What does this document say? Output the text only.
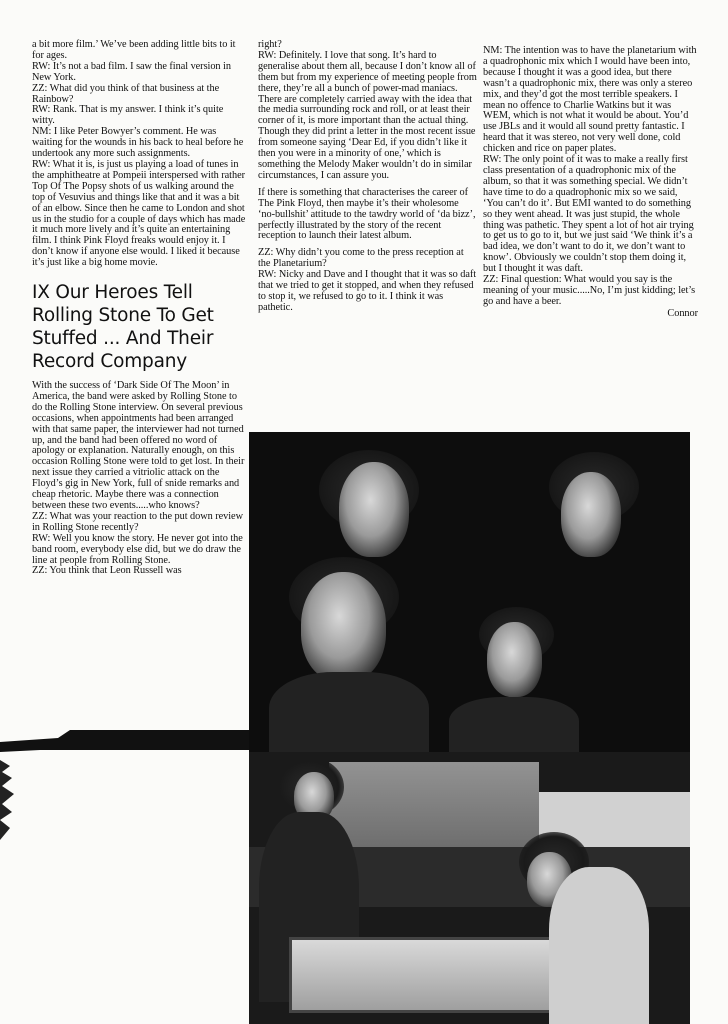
a bit more film.’ We’ve been adding little bits to it for ages.

RW: It’s not a bad film. I saw the final version in New York.

ZZ: What did you think of that business at the Rainbow?

RW: Rank. That is my answer. I think it’s quite witty.

NM: I like Peter Bowyer’s comment. He was waiting for the wounds in his back to heal before he undertook any more such assignments.

RW: What it is, is just us playing a load of tunes in the amphitheatre at Pompeii interspersed with rather Top Of The Popsy shots of us walking around the top of Vesuvius and things like that and it was a bit of an elbow. Since then he came to London and shot us in the studio for a couple of days which has made it much more lively and it’s quite an entertaining film. I think Pink Floyd freaks would enjoy it. I don’t know if anyone else would. I liked it because it’s just like a big home movie.

IX Our Heroes Tell Rolling Stone To Get Stuffed ... And Their Record Company

With the success of ‘Dark Side Of The Moon’ in America, the band were asked by Rolling Stone to do the Rolling Stone interview. On several previous occasions, when appointments had been arranged with that same paper, the interviewer had not turned up, and the band had been offered no word of apology or explanation. Naturally enough, on this occasion Rolling Stone were told to get lost. In their next issue they carried a vitriolic attack on the Floyd’s gig in New York, full of snide remarks and cheap rhetoric. Maybe there was a connection between these two events.....who knows?

ZZ: What was your reaction to the put down review in Rolling Stone recently?

RW: Well you know the story. He never got into the band room, everybody else did, but we do draw the line at people from Rolling Stone.

ZZ: You think that Leon Russell was

right?

RW: Definitely. I love that song. It’s hard to generalise about them all, because I don’t know all of them but from my experience of meeting people from there, they’re all a bunch of power-mad maniacs. There are completely carried away with the idea that the media surrounding rock and roll, or at least their corner of it, is more important than the actual thing. Though they did print a letter in the most recent issue from someone saying ‘Dear Ed, if you didn’t like it then you were in a minority of one,’ which is something the Melody Maker wouldn’t do in similar circumstances, I can assure you.

If there is something that characterises the career of The Pink Floyd, then maybe it’s their wholesome ‘no-bullshit’ attitude to the tawdry world of ‘da bizz’, perfectly illustrated by the story of the recent reception to launch their latest album.

ZZ: Why didn’t you come to the press reception at the Planetarium?

RW: Nicky and Dave and I thought that it was so daft that we tried to get it stopped, and when they refused to stop it, we refused to go to it. I think it was pathetic.

NM: The intention was to have the planetarium with a quadrophonic mix which I would have been into, because I thought it was a good idea, but there wasn’t a quadrophonic mix, there was only a stereo mix, and they’d got the most terrible speakers. I mean no offence to Charlie Watkins but it was WEM, which is not what it would be about. You’d use JBLs and it would all sound pretty fantastic. I heard that it was stereo, not very well done, cold chicken and rice on paper plates.

RW: The only point of it was to make a really first class presentation of a quadrophonic mix of the album, so that it was something special. We didn’t have time to do a quadrophonic mix so we said, ‘You can’t do it’. But EMI wanted to do something so they went ahead. It was just stupid, the whole thing was pathetic. They spent a lot of hot air trying to get us to go to it, but we just said ‘We think it’s a bad idea, we don’t want to do it, we don’t want to know’. Obviously we couldn’t stop them doing it, but I thought it was daft.

ZZ: Final question: What would you say is the meaning of your music.....No, I’m just kidding; let’s go and have a beer.

Connor
